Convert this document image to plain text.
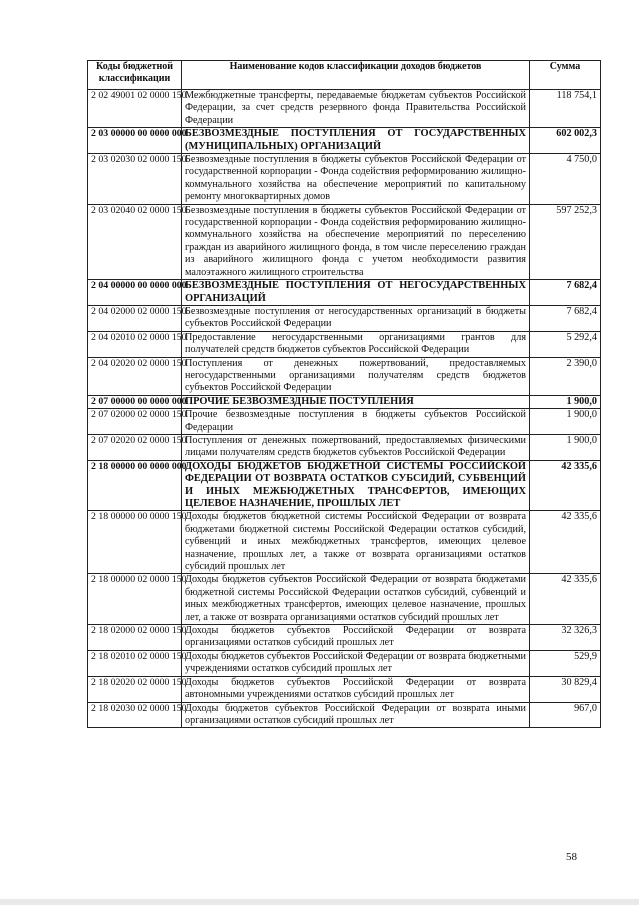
Коды бюджетной классификации	Наименование кодов классификации доходов бюджетов	Сумма
2 02 49001 02 0000 150	Межбюджетные трансферты, передаваемые бюджетам субъектов Российской Федерации, за счет средств резервного фонда Правительства Российской Федерации	118 754,1
2 03 00000 00 0000 000	БЕЗВОЗМЕЗДНЫЕ ПОСТУПЛЕНИЯ ОТ ГОСУДАРСТВЕННЫХ (МУНИЦИПАЛЬНЫХ) ОРГАНИЗАЦИЙ	602 002,3
2 03 02030 02 0000 150	Безвозмездные поступления в бюджеты субъектов Российской Федерации от государственной корпорации - Фонда содействия реформированию жилищно-коммунального хозяйства на обеспечение мероприятий по капитальному ремонту многоквартирных домов	4 750,0
2 03 02040 02 0000 150	Безвозмездные поступления в бюджеты субъектов Российской Федерации от государственной корпорации - Фонда содействия реформированию жилищно-коммунального хозяйства на обеспечение мероприятий по переселению граждан из аварийного жилищного фонда, в том числе переселению граждан из аварийного жилищного фонда с учетом необходимости развития малоэтажного жилищного строительства	597 252,3
2 04 00000 00 0000 000	БЕЗВОЗМЕЗДНЫЕ ПОСТУПЛЕНИЯ ОТ НЕГОСУДАРСТВЕННЫХ ОРГАНИЗАЦИЙ	7 682,4
2 04 02000 02 0000 150	Безвозмездные поступления от негосударственных организаций в бюджеты субъектов Российской Федерации	7 682,4
2 04 02010 02 0000 150	Предоставление негосударственными организациями грантов для получателей средств бюджетов субъектов Российской Федерации	5 292,4
2 04 02020 02 0000 150	Поступления от денежных пожертвований, предоставляемых негосударственными организациями получателям средств бюджетов субъектов Российской Федерации	2 390,0
2 07 00000 00 0000 000	ПРОЧИЕ БЕЗВОЗМЕЗДНЫЕ ПОСТУПЛЕНИЯ	1 900,0
2 07 02000 02 0000 150	Прочие безвозмездные поступления в бюджеты субъектов Российской Федерации	1 900,0
2 07 02020 02 0000 150	Поступления от денежных пожертвований, предоставляемых физическими лицами получателям средств бюджетов субъектов Российской Федерации	1 900,0
2 18 00000 00 0000 000	ДОХОДЫ БЮДЖЕТОВ БЮДЖЕТНОЙ СИСТЕМЫ РОССИЙСКОЙ ФЕДЕРАЦИИ ОТ ВОЗВРАТА ОСТАТКОВ СУБСИДИЙ, СУБВЕНЦИЙ И ИНЫХ МЕЖБЮДЖЕТНЫХ ТРАНСФЕРТОВ, ИМЕЮЩИХ ЦЕЛЕВОЕ НАЗНАЧЕНИЕ, ПРОШЛЫХ ЛЕТ	42 335,6
2 18 00000 00 0000 150	Доходы бюджетов бюджетной системы Российской Федерации от возврата бюджетами бюджетной системы Российской Федерации остатков субсидий, субвенций и иных межбюджетных трансфертов, имеющих целевое назначение, прошлых лет, а также от возврата организациями остатков субсидий прошлых лет	42 335,6
2 18 00000 02 0000 150	Доходы бюджетов субъектов Российской Федерации от возврата бюджетами бюджетной системы Российской Федерации остатков субсидий, субвенций и иных межбюджетных трансфертов, имеющих целевое назначение, прошлых лет, а также от возврата организациями остатков субсидий прошлых лет	42 335,6
2 18 02000 02 0000 150	Доходы бюджетов субъектов Российской Федерации от возврата организациями остатков субсидий прошлых лет	32 326,3
2 18 02010 02 0000 150	Доходы бюджетов субъектов Российской Федерации от возврата бюджетными учреждениями остатков субсидий прошлых лет	529,9
2 18 02020 02 0000 150	Доходы бюджетов субъектов Российской Федерации от возврата автономными учреждениями остатков субсидий прошлых лет	30 829,4
2 18 02030 02 0000 150	Доходы бюджетов субъектов Российской Федерации от возврата иными организациями остатков субсидий прошлых лет	967,0
58
